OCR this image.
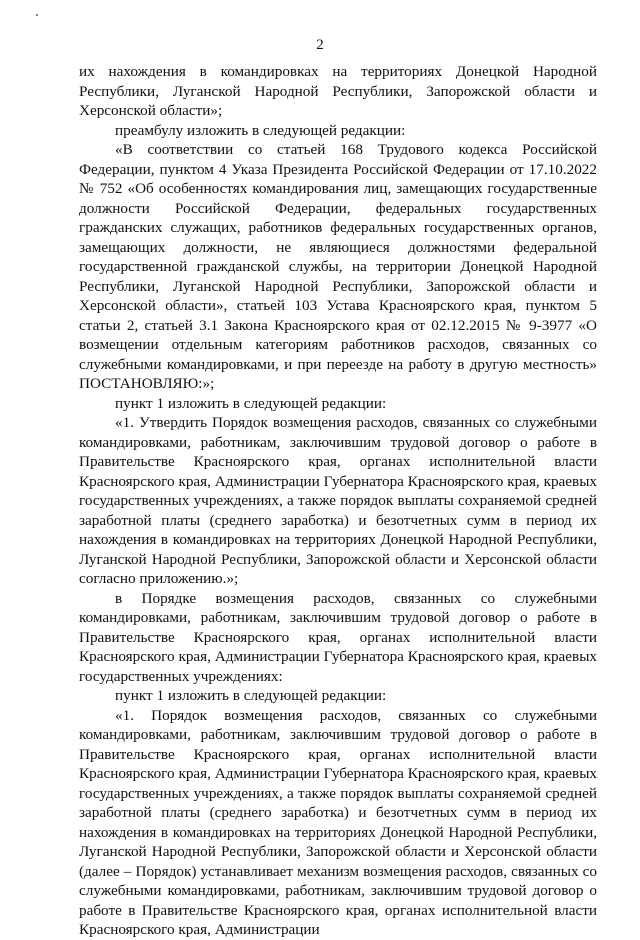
2

их нахождения в командировках на территориях Донецкой Народной Республики, Луганской Народной Республики, Запорожской области и Херсонской области»;

преамбулу изложить в следующей редакции:

«В соответствии со статьей 168 Трудового кодекса Российской Федерации, пунктом 4 Указа Президента Российской Федерации от 17.10.2022 № 752 «Об особенностях командирования лиц, замещающих государственные должности Российской Федерации, федеральных государственных гражданских служащих, работников федеральных государственных органов, замещающих должности, не являющиеся должностями федеральной государственной гражданской службы, на территории Донецкой Народной Республики, Луганской Народной Республики, Запорожской области и Херсонской области», статьей 103 Устава Красноярского края, пунктом 5 статьи 2, статьей 3.1 Закона Красноярского края от 02.12.2015 № 9-3977 «О возмещении отдельным категориям работников расходов, связанных со служебными командировками, и при переезде на работу в другую местность» ПОСТАНОВЛЯЮ:»;

пункт 1 изложить в следующей редакции:

«1. Утвердить Порядок возмещения расходов, связанных со служебными командировками, работникам, заключившим трудовой договор о работе в Правительстве Красноярского края, органах исполнительной власти Красноярского края, Администрации Губернатора Красноярского края, краевых государственных учреждениях, а также порядок выплаты сохраняемой средней заработной платы (среднего заработка) и безотчетных сумм в период их нахождения в командировках на территориях Донецкой Народной Республики, Луганской Народной Республики, Запорожской области и Херсонской области согласно приложению.»;

в Порядке возмещения расходов, связанных со служебными командировками, работникам, заключившим трудовой договор о работе в Правительстве Красноярского края, органах исполнительной власти Красноярского края, Администрации Губернатора Красноярского края, краевых государственных учреждениях:

пункт 1 изложить в следующей редакции:

«1. Порядок возмещения расходов, связанных со служебными командировками, работникам, заключившим трудовой договор о работе в Правительстве Красноярского края, органах исполнительной власти Красноярского края, Администрации Губернатора Красноярского края, краевых государственных учреждениях, а также порядок выплаты сохраняемой средней заработной платы (среднего заработка) и безотчетных сумм в период их нахождения в командировках на территориях Донецкой Народной Республики, Луганской Народной Республики, Запорожской области и Херсонской области (далее – Порядок) устанавливает механизм возмещения расходов, связанных со служебными командировками, работникам, заключившим трудовой договор о работе в Правительстве Красноярского края, органах исполнительной власти Красноярского края, Администрации
